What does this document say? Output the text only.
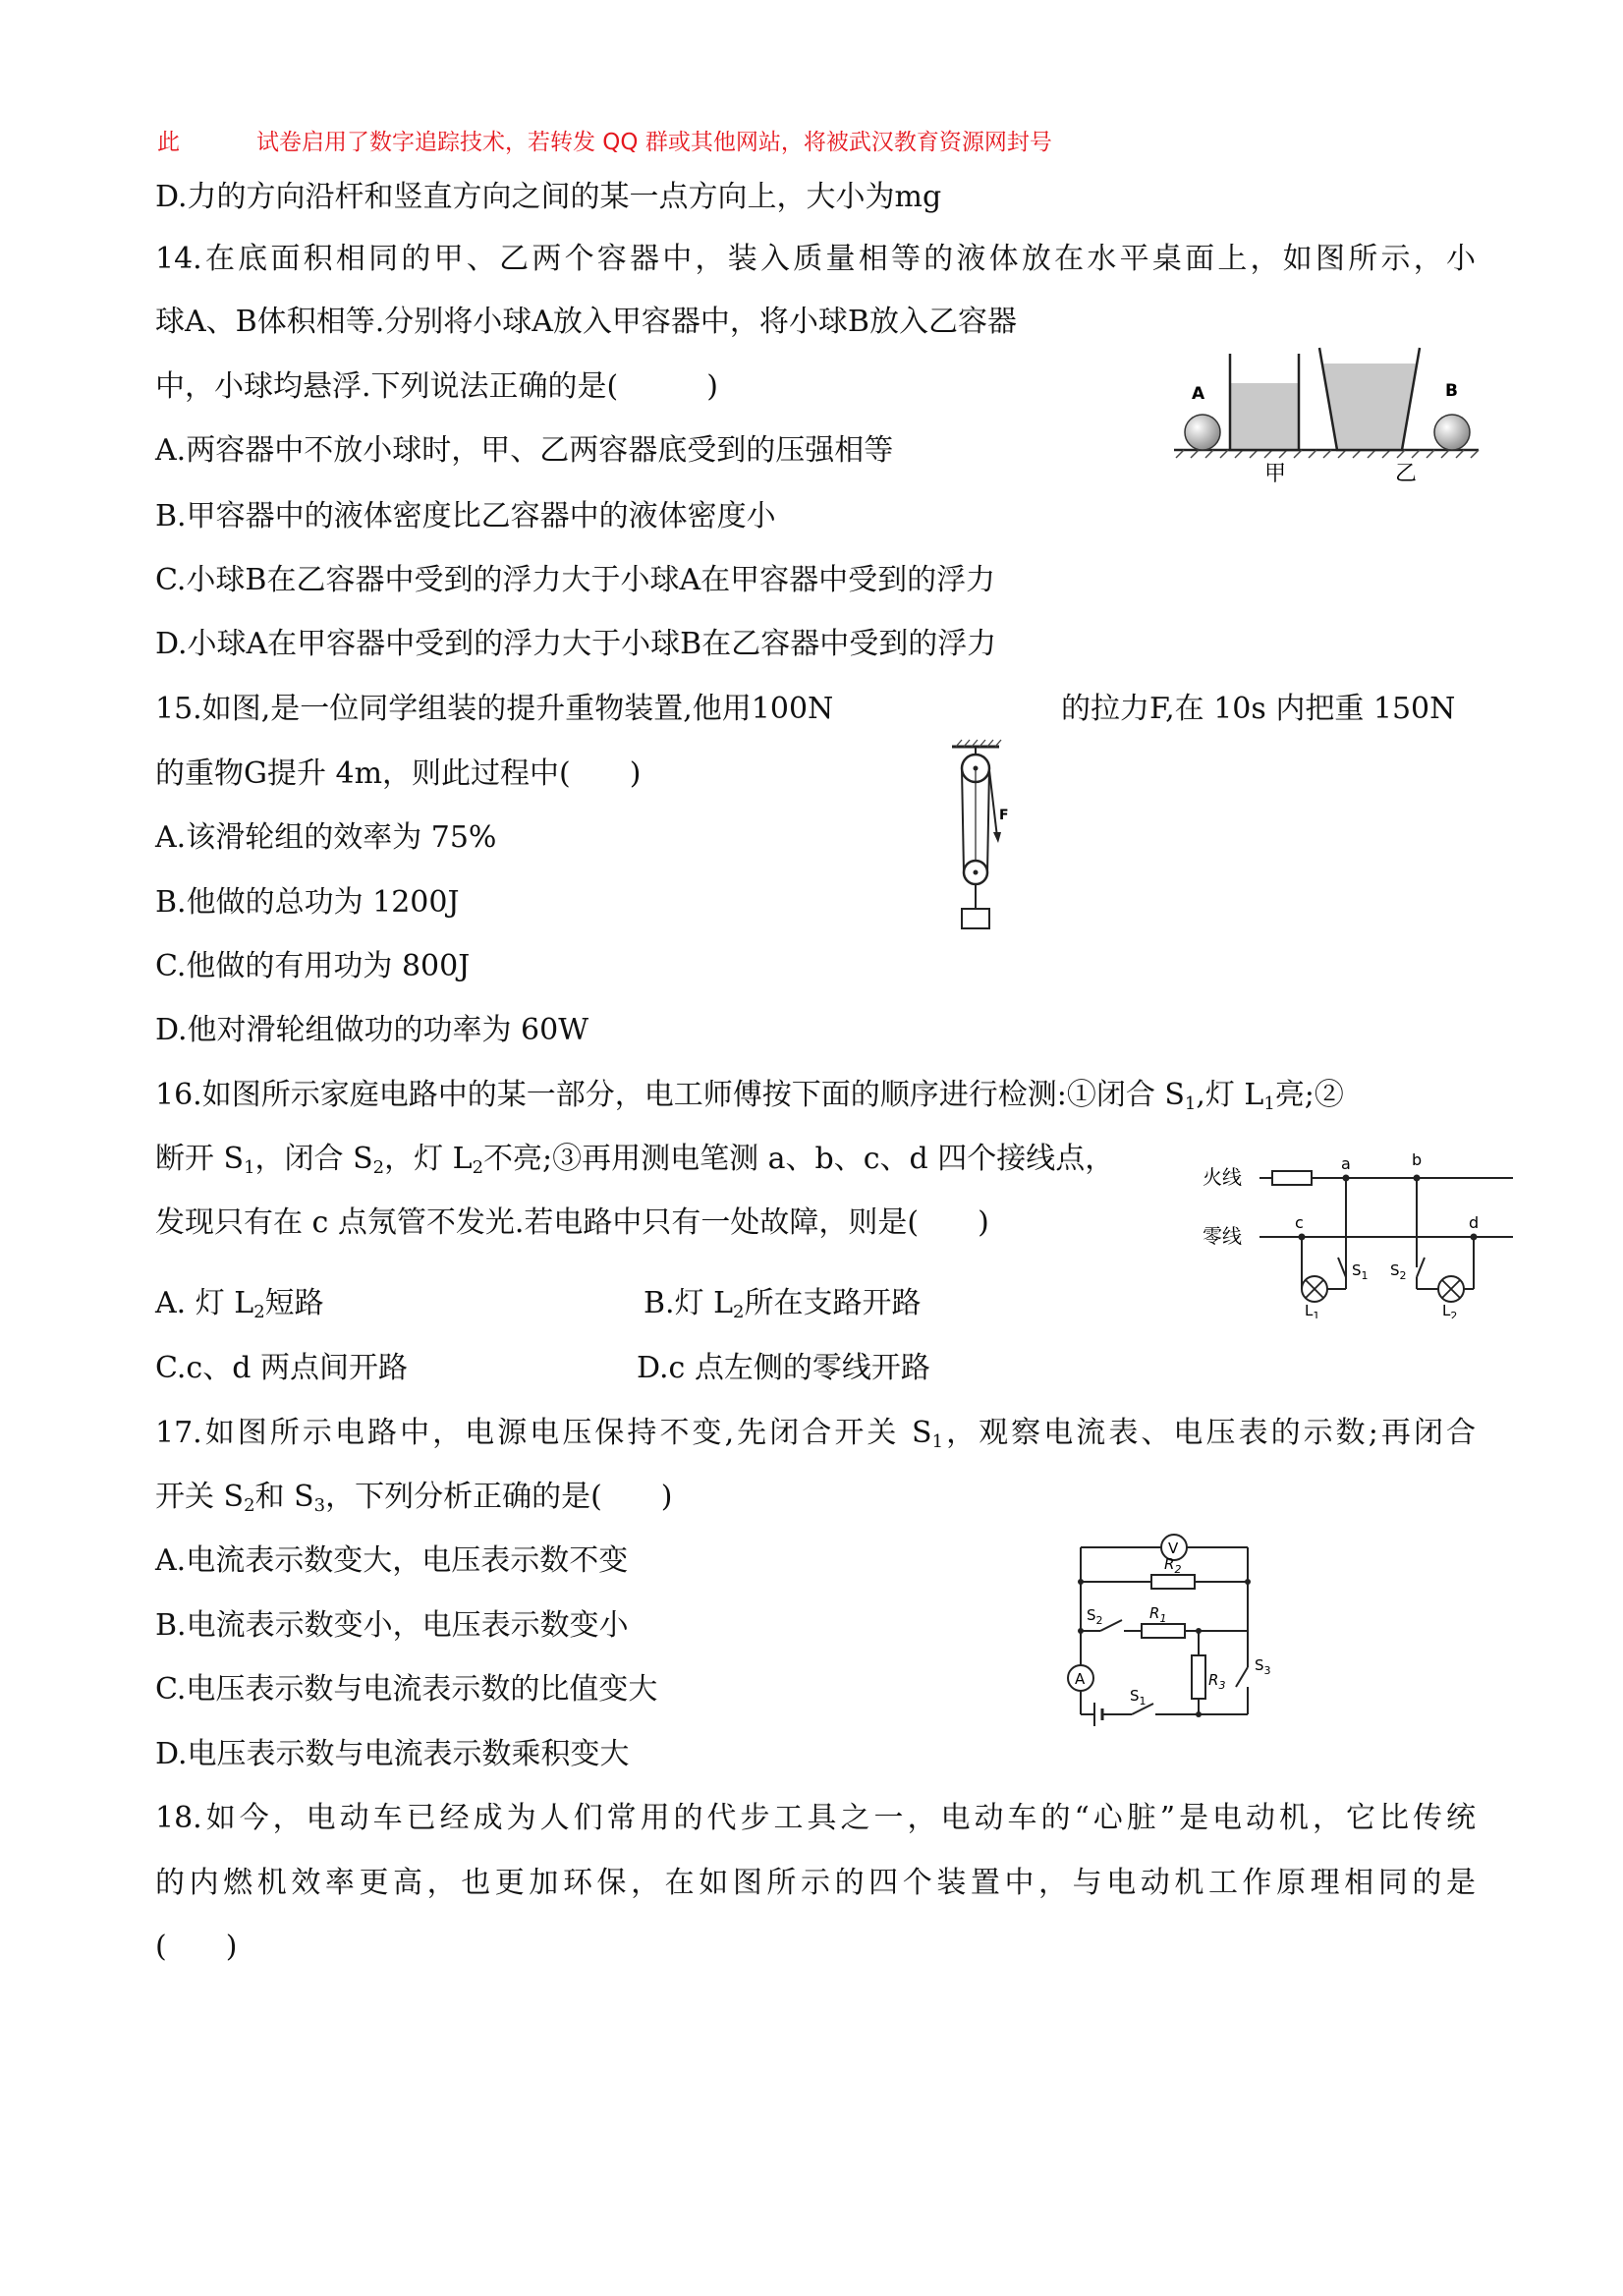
此	试卷启用了数字追踪技术，若转发 QQ 群或其他网站，将被武汉教育资源网封号
D.力的方向沿杆和竖直方向之间的某一点方向上，大小为mg
14.在底面积相同的甲、乙两个容器中，装入质量相等的液体放在水平桌面上，如图所示，小
球A、B体积相等.分别将小球A放入甲容器中，将小球B放入乙容器
中，小球均悬浮.下列说法正确的是(　　　)
A.两容器中不放小球时，甲、乙两容器底受到的压强相等
B.甲容器中的液体密度比乙容器中的液体密度小
C.小球B在乙容器中受到的浮力大于小球A在甲容器中受到的浮力
D.小球A在甲容器中受到的浮力大于小球B在乙容器中受到的浮力
A	B
甲	乙
15.如图,是一位同学组装的提升重物装置,他用100N	的拉力F,在 10s 内把重 150N
的重物G提升 4m，则此过程中(　　)
A.该滑轮组的效率为 75%
B.他做的总功为 1200J
C.他做的有用功为 800J
D.他对滑轮组做功的功率为 60W
F
16.如图所示家庭电路中的某一部分，电工师傅按下面的顺序进行检测:①闭合 $S_1$,灯 $L_1$亮;②
断开 $S_1$，闭合 $S_2$，灯 $L_2$不亮;③再用测电笔测 a、b、c、d 四个接线点，
发现只有在 c 点氖管不发光.若电路中只有一处故障，则是(　　)
A. 灯 $L_2$短路	B.灯 $L_2$所在支路开路
C.c、d 两点间开路	D.c 点左侧的零线开路
火线
零线
a	b
c	d
$S_1$
$L_1$
$S_2$
$L_2$
17.如图所示电路中，电源电压保持不变,先闭合开关 $S_1$，观察电流表、电压表的示数;再闭合
开关 $S_2$和 $S_3$，下列分析正确的是(　　)
A.电流表示数变大，电压表示数不变
B.电流表示数变小，电压表示数变小
C.电压表示数与电流表示数的比值变大
D.电压表示数与电流表示数乘积变大
V
$R_2$
$S_2$	$R_1$
$R_3$
$S_3$
A
$S_1$
18.如今，电动车已经成为人们常用的代步工具之一，电动车的“心脏”是电动机，它比传统
的内燃机效率更高，也更加环保，在如图所示的四个装置中，与电动机工作原理相同的是
(　　)
